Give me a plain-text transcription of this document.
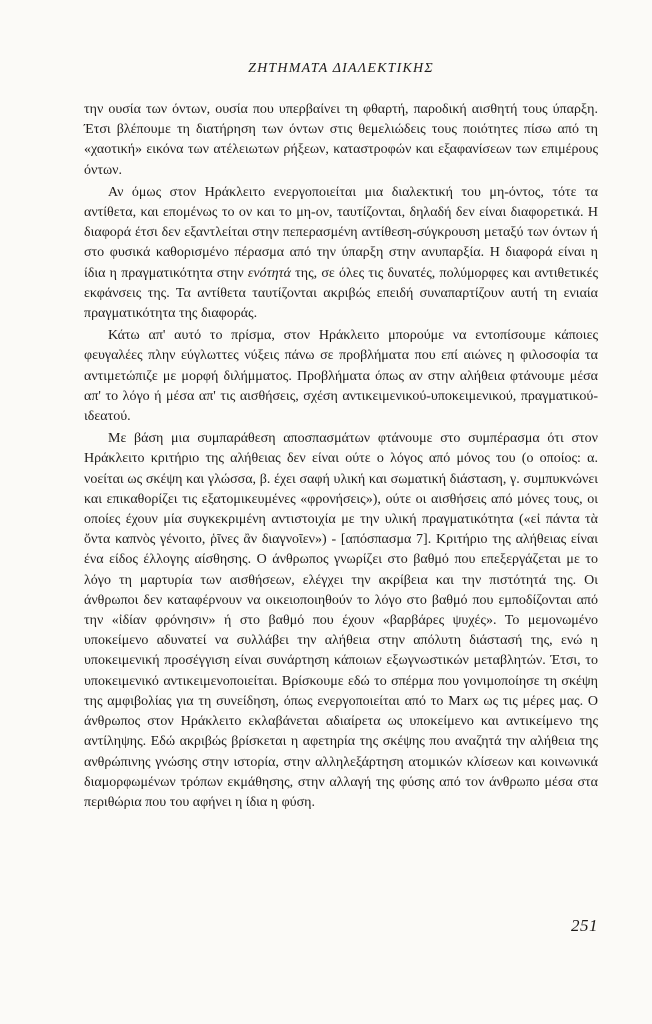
ΖΗΤΗΜΑΤΑ ΔΙΑΛΕΚΤΙΚΗΣ

την ουσία των όντων, ουσία που υπερβαίνει τη φθαρτή, παροδική αισθητή τους ύπαρξη. Έτσι βλέπουμε τη διατήρηση των όντων στις θεμελιώδεις τους ποιότητες πίσω από τη «χαοτική» εικόνα των ατέλειωτων ρήξεων, καταστροφών και εξαφανίσεων των επιμέρους όντων.

Αν όμως στον Ηράκλειτο ενεργοποιείται μια διαλεκτική του μη-όντος, τότε τα αντίθετα, και επομένως το ον και το μη-ον, ταυτίζονται, δηλαδή δεν είναι διαφορετικά. Η διαφορά έτσι δεν εξαντλείται στην πεπερασμένη αντίθεση-σύγκρουση μεταξύ των όντων ή στο φυσικά καθορισμένο πέρασμα από την ύπαρξη στην ανυπαρξία. Η διαφορά είναι η ίδια η πραγματικότητα στην ενότητά της, σε όλες τις δυνατές, πολύμορφες και αντιθετικές εκφάνσεις της. Τα αντίθετα ταυτίζονται ακριβώς επειδή συναπαρτίζουν αυτή τη ενιαία πραγματικότητα της διαφοράς.

Κάτω απ' αυτό το πρίσμα, στον Ηράκλειτο μπορούμε να εντοπίσουμε κάποιες φευγαλέες πλην εύγλωττες νύξεις πάνω σε προβλήματα που επί αιώνες η φιλοσοφία τα αντιμετώπιζε με μορφή διλήμματος. Προβλήματα όπως αν στην αλήθεια φτάνουμε μέσα απ' το λόγο ή μέσα απ' τις αισθήσεις, σχέση αντικειμενικού-υποκειμενικού, πραγματικού-ιδεατού.

Με βάση μια συμπαράθεση αποσπασμάτων φτάνουμε στο συμπέρασμα ότι στον Ηράκλειτο κριτήριο της αλήθειας δεν είναι ούτε ο λόγος από μόνος του (ο οποίος: α. νοείται ως σκέψη και γλώσσα, β. έχει σαφή υλική και σωματική διάσταση, γ. συμπυκνώνει και επικαθορίζει τις εξατομικευμένες «φρονήσεις»), ούτε οι αισθήσεις από μόνες τους, οι οποίες έχουν μία συγκεκριμένη αντιστοιχία με την υλική πραγματικότητα («εἰ πάντα τὰ ὄντα καπνὸς γένοιτο, ῥῖνες ἂν διαγνοῖεν») - [απόσπασμα 7]. Κριτήριο της αλήθειας είναι ένα είδος έλλογης αίσθησης. Ο άνθρωπος γνωρίζει στο βαθμό που επεξεργάζεται με το λόγο τη μαρτυρία των αισθήσεων, ελέγχει την ακρίβεια και την πιστότητά της. Οι άνθρωποι δεν καταφέρνουν να οικειοποιηθούν το λόγο στο βαθμό που εμποδίζονται από την «ἰδίαν φρόνησιν» ή στο βαθμό που έχουν «βαρβάρες ψυχές». Το μεμονωμένο υποκείμενο αδυνατεί να συλλάβει την αλήθεια στην απόλυτη διάστασή της, ενώ η υποκειμενική προσέγγιση είναι συνάρτηση κάποιων εξωγνωστικών μεταβλητών. Έτσι, το υποκειμενικό αντικειμενοποιείται. Βρίσκουμε εδώ το σπέρμα που γονιμοποίησε τη σκέψη της αμφιβολίας για τη συνείδηση, όπως ενεργοποιείται από το Marx ως τις μέρες μας. Ο άνθρωπος στον Ηράκλειτο εκλαβάνεται αδιαίρετα ως υποκείμενο και αντικείμενο της αντίληψης. Εδώ ακριβώς βρίσκεται η αφετηρία της σκέψης που αναζητά την αλήθεια της ανθρώπινης γνώσης στην ιστορία, στην αλληλεξάρτηση ατομικών κλίσεων και κοινωνικά διαμορφωμένων τρόπων εκμάθησης, στην αλλαγή της φύσης από τον άνθρωπο μέσα στα περιθώρια που του αφήνει η ίδια η φύση.

251
